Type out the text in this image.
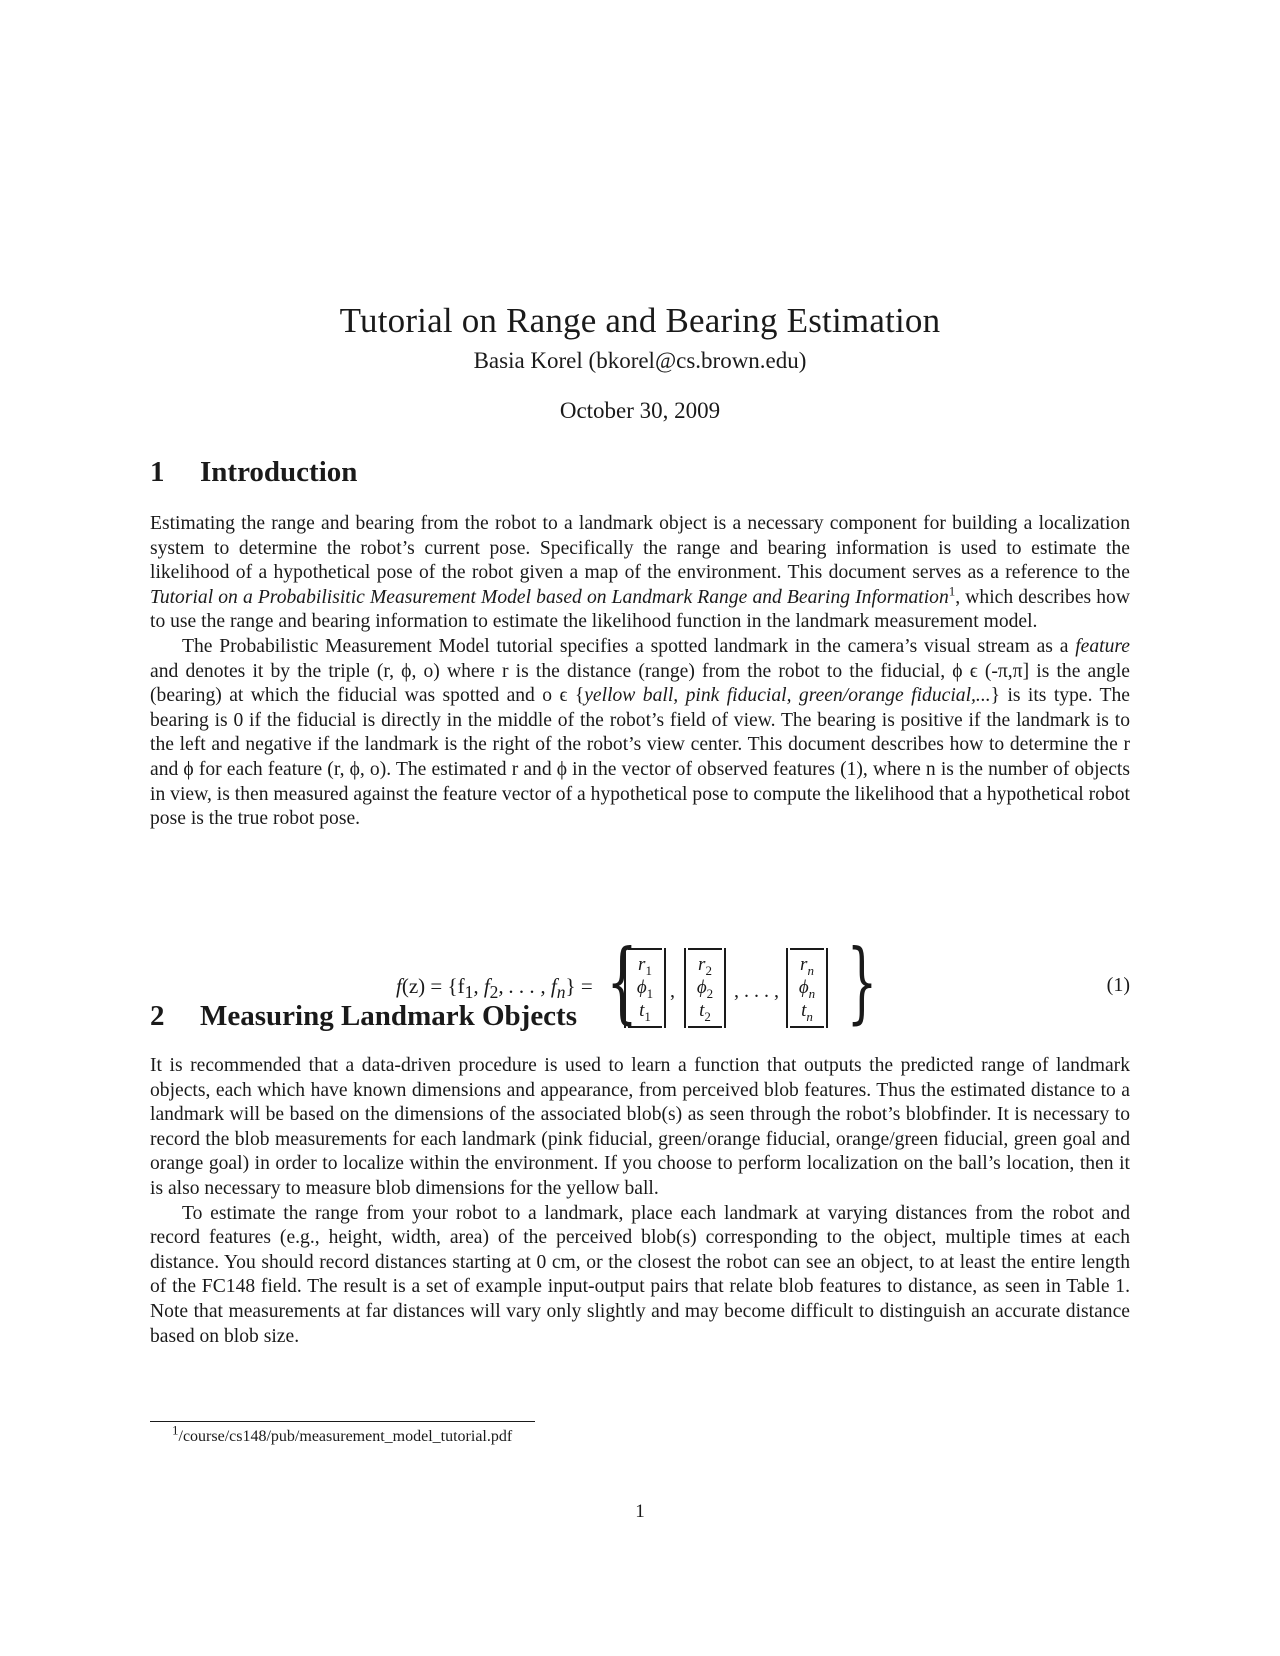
Tutorial on Range and Bearing Estimation
Basia Korel (bkorel@cs.brown.edu)
October 30, 2009
1 Introduction

Estimating the range and bearing from the robot to a landmark object is a necessary component for building a localization system to determine the robot’s current pose. Specifically the range and bearing information is used to estimate the likelihood of a hypothetical pose of the robot given a map of the environment. This document serves as a reference to the Tutorial on a Probabilisitic Measurement Model based on Landmark Range and Bearing Information$^1$, which describes how to use the range and bearing information to estimate the likelihood function in the landmark measurement model.

The Probabilistic Measurement Model tutorial specifies a spotted landmark in the camera’s visual stream as a feature and denotes it by the triple (r, ϕ, o) where r is the distance (range) from the robot to the fiducial, ϕ ϵ (-π,π] is the angle (bearing) at which the fiducial was spotted and o ϵ {yellow ball, pink fiducial, green/orange fiducial,...} is its type. The bearing is 0 if the fiducial is directly in the middle of the robot’s field of view. The bearing is positive if the landmark is to the left and negative if the landmark is the right of the robot’s view center. This document describes how to determine the r and ϕ for each feature (r, ϕ, o). The estimated r and ϕ in the vector of observed features (1), where n is the number of objects in view, is then measured against the feature vector of a hypothetical pose to compute the likelihood that a hypothetical robot pose is the true robot pose.

$f(z) = \{f_1$, $f_2$, . . . , $f_n$} = { $r_1$
$\phi_1$
$t_1$
,
$r_2$
$\phi_2$
$t_2$
, . . . ,
$r_n$
$\phi_n$
$t_n$ }	(1)
2 Measuring Landmark Objects

It is recommended that a data-driven procedure is used to learn a function that outputs the predicted range of landmark objects, each which have known dimensions and appearance, from perceived blob features. Thus the estimated distance to a landmark will be based on the dimensions of the associated blob(s) as seen through the robot’s blobfinder. It is necessary to record the blob measurements for each landmark (pink fiducial, green/orange fiducial, orange/green fiducial, green goal and orange goal) in order to localize within the environment. If you choose to perform localization on the ball’s location, then it is also necessary to measure blob dimensions for the yellow ball.

To estimate the range from your robot to a landmark, place each landmark at varying distances from the robot and record features (e.g., height, width, area) of the perceived blob(s) corresponding to the object, multiple times at each distance. You should record distances starting at 0 cm, or the closest the robot can see an object, to at least the entire length of the FC148 field. The result is a set of example input-output pairs that relate blob features to distance, as seen in Table 1. Note that measurements at far distances will vary only slightly and may become difficult to distinguish an accurate distance based on blob size.

$^1$/course/cs148/pub/measurement_model_tutorial.pdf
1
